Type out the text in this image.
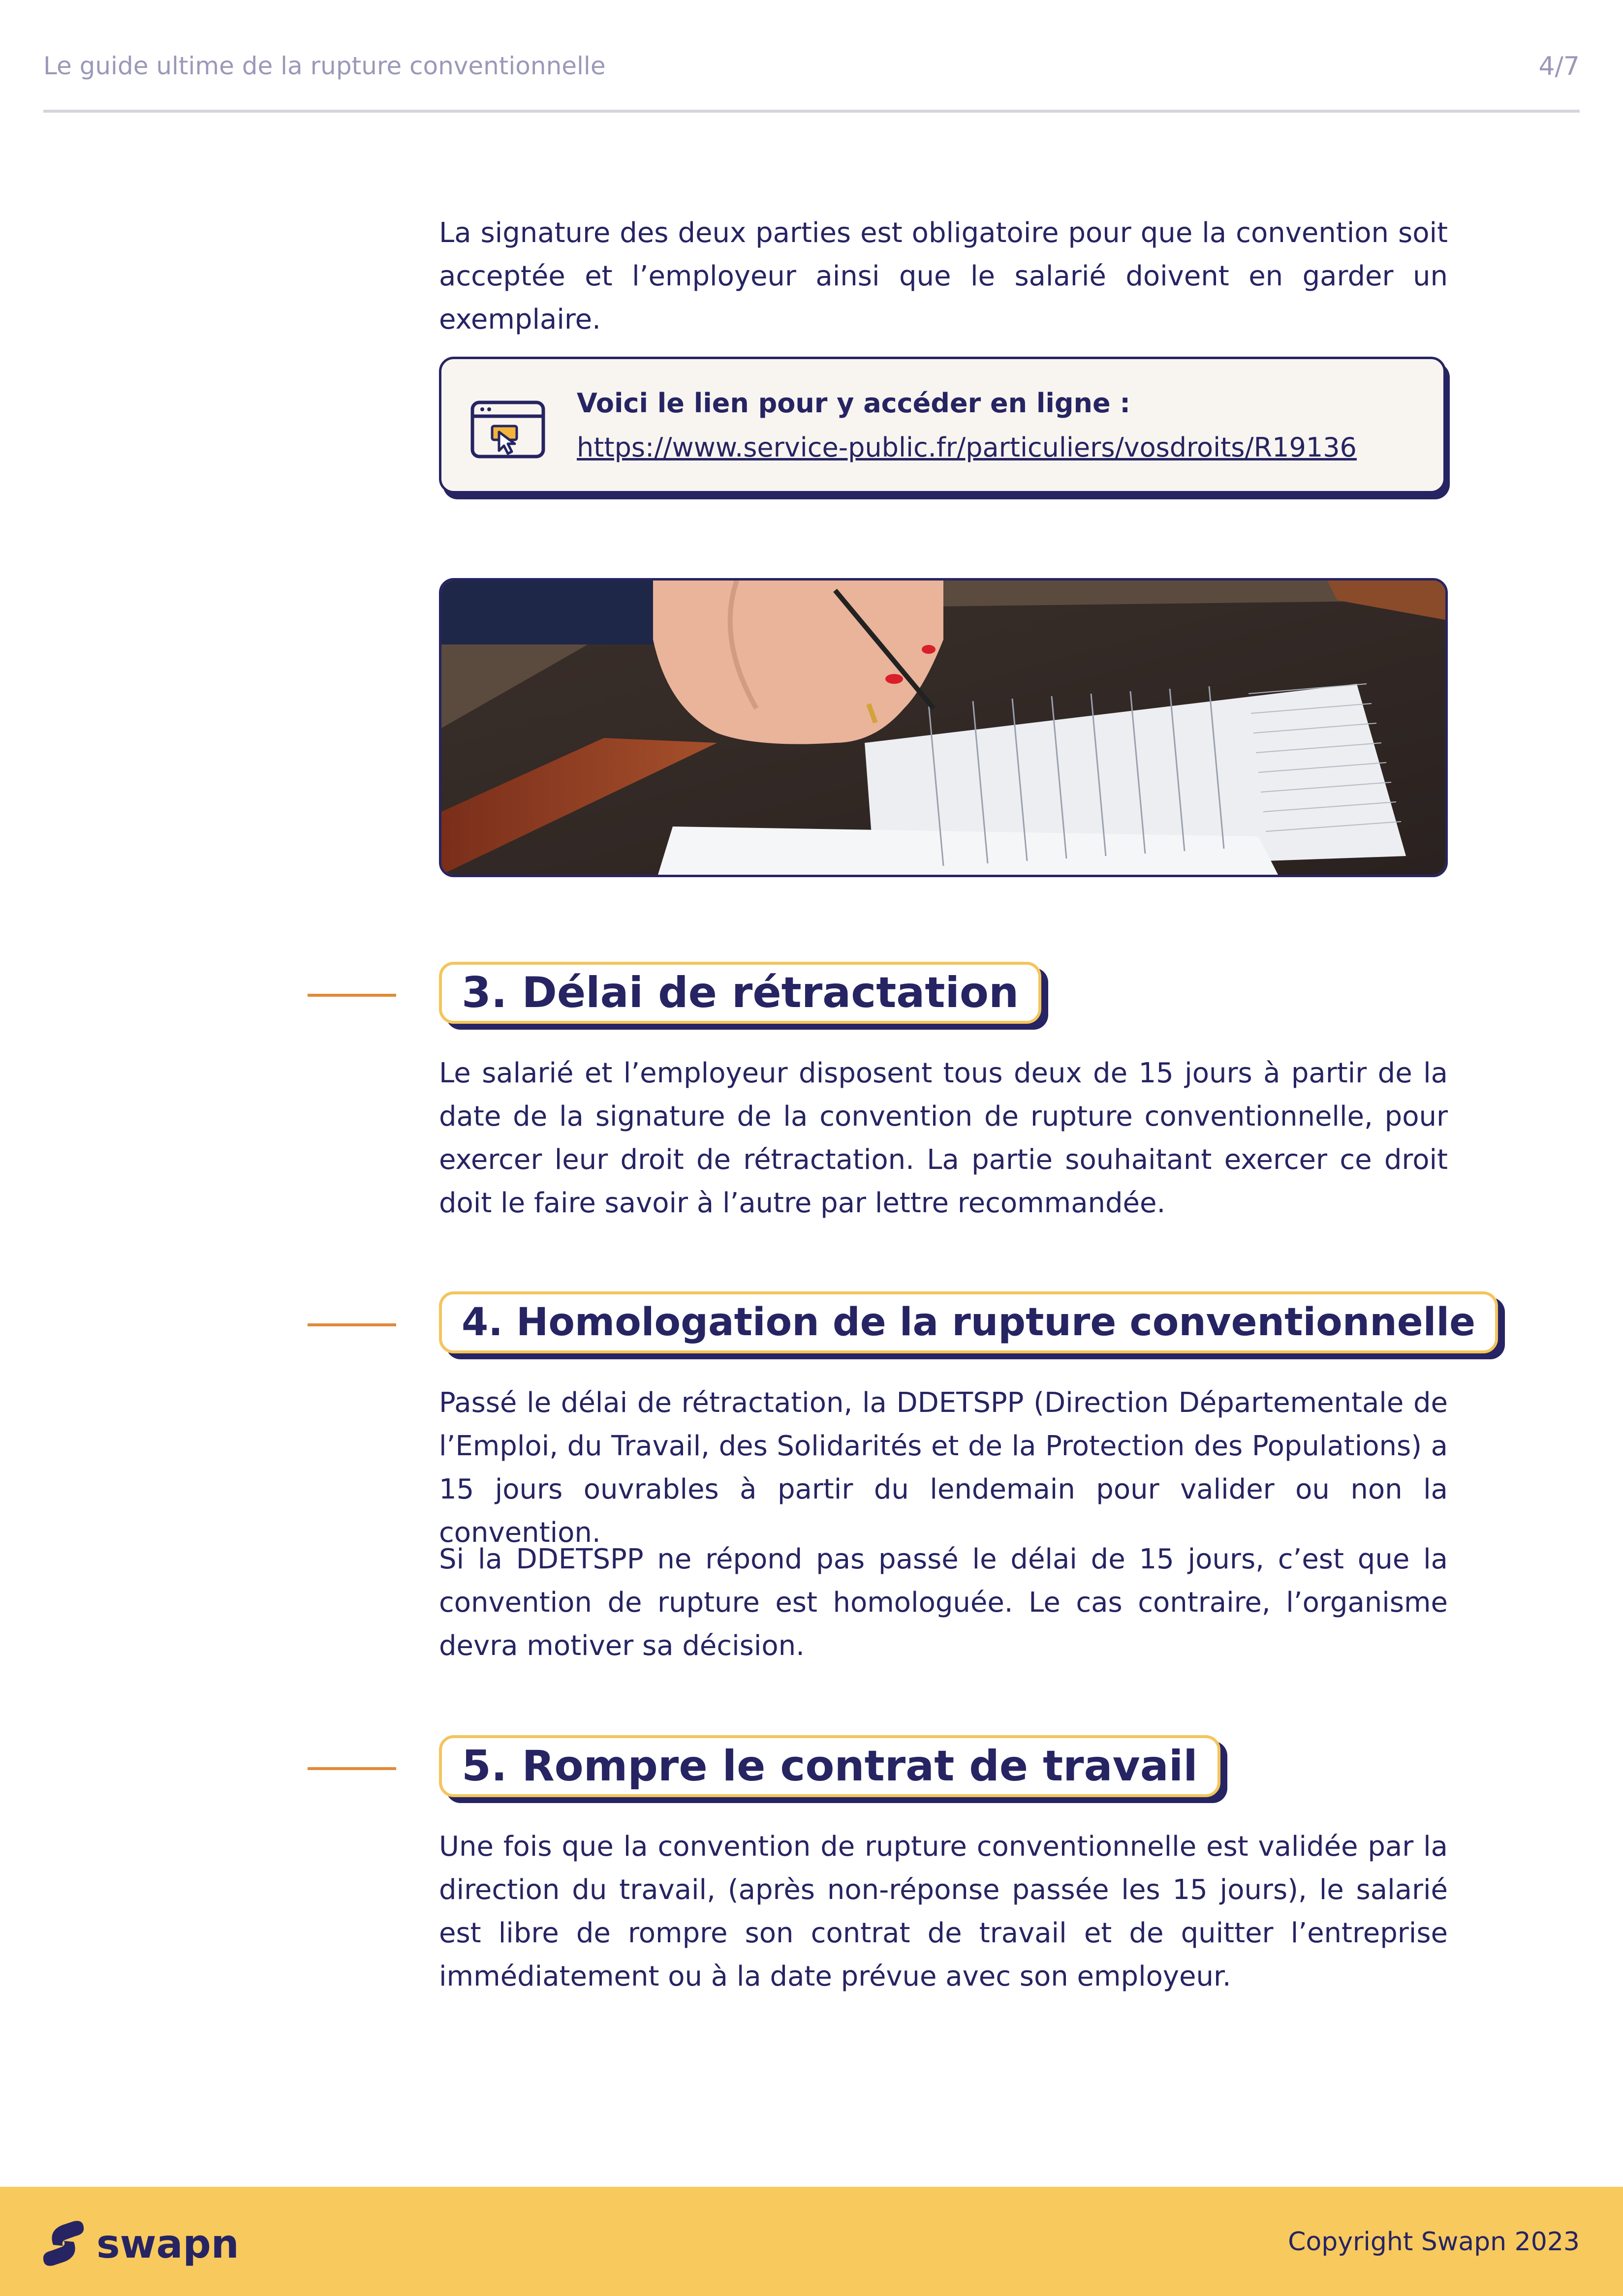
Le guide ultime de la rupture conventionnelle	4/7

La signature des deux parties est obligatoire pour que la convention soit acceptée et l’employeur ainsi que le salarié doivent en garder un exemplaire.

Voici le lien pour y accéder en ligne :
https://www.service-public.fr/particuliers/vosdroits/R19136
3. Délai de rétractation

Le salarié et l’employeur disposent tous deux de 15 jours à partir de la date de la signature de la convention de rupture conventionnelle, pour exercer leur droit de rétractation. La partie souhaitant exercer ce droit doit le faire savoir à l’autre par lettre recommandée.

4. Homologation de la rupture conventionnelle

Passé le délai de rétractation, la DDETSPP (Direction Départementale de l’Emploi, du Travail, des Solidarités et de la Protection des Populations) a 15 jours ouvrables à partir du lendemain pour valider ou non la convention.

Si la DDETSPP ne répond pas passé le délai de 15 jours, c’est que la convention de rupture est homologuée. Le cas contraire, l’organisme devra motiver sa décision.

5. Rompre le contrat de travail

Une fois que la convention de rupture conventionnelle est validée par la direction du travail, (après non-réponse passée les 15 jours), le salarié est libre de rompre son contrat de travail et de quitter l’entreprise immédiatement ou à la date prévue avec son employeur.

swapn	Copyright Swapn 2023
